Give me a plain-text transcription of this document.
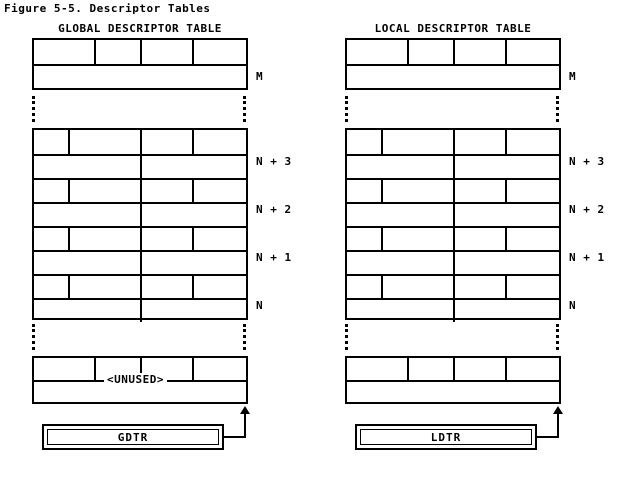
Figure 5-5. Descriptor Tables
GLOBAL DESCRIPTOR TABLE
M
N + 3
N + 2
N + 1
N
<UNUSED>
GDTR
LOCAL DESCRIPTOR TABLE
M
N + 3
N + 2
N + 1
N
LDTR
